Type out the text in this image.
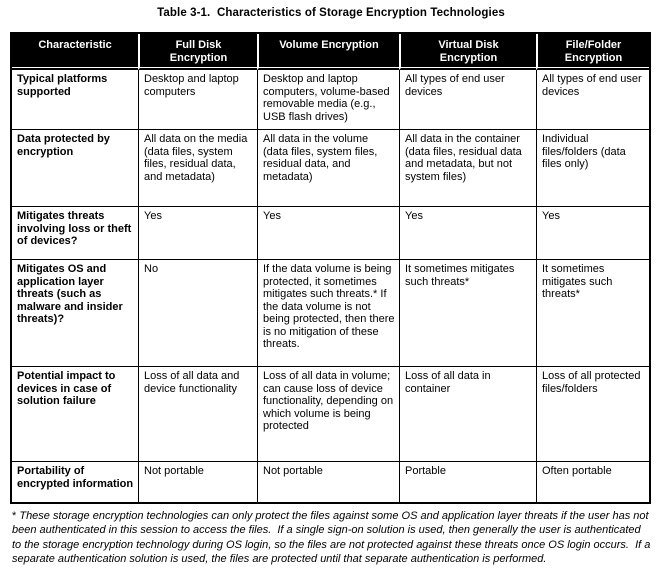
Table 3-1.  Characteristics of Storage Encryption Technologies
Characteristic	Full Disk Encryption	Volume Encryption	Virtual Disk Encryption	File/Folder Encryption
Typical platforms supported	Desktop and laptop computers	Desktop and laptop computers, volume-based removable media (e.g., USB flash drives)	All types of end user devices	All types of end user devices
Data protected by encryption	All data on the media (data files, system files, residual data, and metadata)	All data in the volume (data files, system files, residual data, and metadata)	All data in the container (data files, residual data and metadata, but not system files)	Individual files/folders (data files only)
Mitigates threats involving loss or theft of devices?	Yes	Yes	Yes	Yes
Mitigates OS and application layer threats (such as malware and insider threats)?	No	If the data volume is being protected, it sometimes mitigates such threats.* If the data volume is not being protected, then there is no mitigation of these threats.	It sometimes mitigates such threats*	It sometimes mitigates such threats*
Potential impact to devices in case of solution failure	Loss of all data and device functionality	Loss of all data in volume; can cause loss of device functionality, depending on which volume is being protected	Loss of all data in container	Loss of all protected files/folders
Portability of encrypted information	Not portable	Not portable	Portable	Often portable
* These storage encryption technologies can only protect the files against some OS and application layer threats if the user has not been authenticated in this session to access the files.  If a single sign-on solution is used, then generally the user is authenticated to the storage encryption technology during OS login, so the files are not protected against these threats once OS login occurs.  If a separate authentication solution is used, the files are protected until that separate authentication is performed.
